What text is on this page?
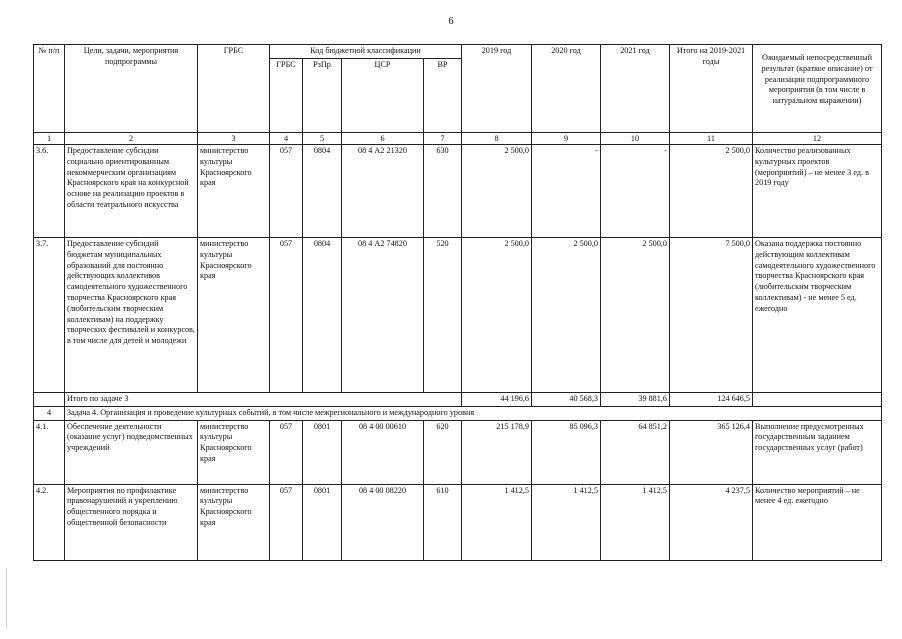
6
№ п/п	Цели, задачи, мероприятия подпрограммы	ГРБС	Код бюджетной классификации				2019 год	2020 год	2021 год	Итого на 2019-2021 годы	Ожидаемый непосредственный результат (краткое описание) от реализации подпрограммного мероприятия (в том числе в натуральном выражении)
			ГРБС	РзПр	ЦСР	ВР					
1	2	3	4	5	6	7	8	9	10	11	12
3.6.	Предоставление субсидии социально ориентированным некоммерческим организациям Красноярского края на конкурсной основе на реализацию проектов в области театрального искусства	министерство культуры Красноярского края	057	0804	08 4 А2 21320	630	2 500,0	-	-	2 500,0	Количество реализованных культурных проектов (мероприятий) – не менее 3 ед. в 2019 году
3.7.	Предоставление субсидий бюджетам муниципальных образований для постоянно действующих коллективов самодеятельного художественного творчества Красноярского края (любительским творческим коллективам) на поддержку творческих фестивалей и конкурсов, в том числе для детей и молодежи	министерство культуры Красноярского края	057	0804	08 4 А2 74820	520	2 500,0	2 500,0	2 500,0	7 500,0	Оказана поддержка постоянно действующим коллективам самодеятельного художественного творчества Красноярского края (любительским творческим коллективам) - не менее 5 ед. ежегодно
	Итого по задаче 3						44 196,6	40 568,3	39 881,6	124 646,5	
4	Задача 4. Организация и проведение культурных событий, в том числе межрегионального и международного уровня										
4.1.	Обеспечение деятельности (оказание услуг) подведомственных учреждений	министерство культуры Красноярского края	057	0801	08 4 00 00610	620	215 178,9	85 096,3	64 851,2	365 126,4	Выполнение предусмотренных государственным заданием государственных услуг (работ)
4.2.	Мероприятия по профилактике правонарушений и укреплению общественного порядка и общественной безопасности	министерство культуры Красноярского края	057	0801	08 4 00 08220	610	1 412,5	1 412,5	1 412,5	4 237,5	Количество мероприятий – не менее 4 ед. ежегодно
